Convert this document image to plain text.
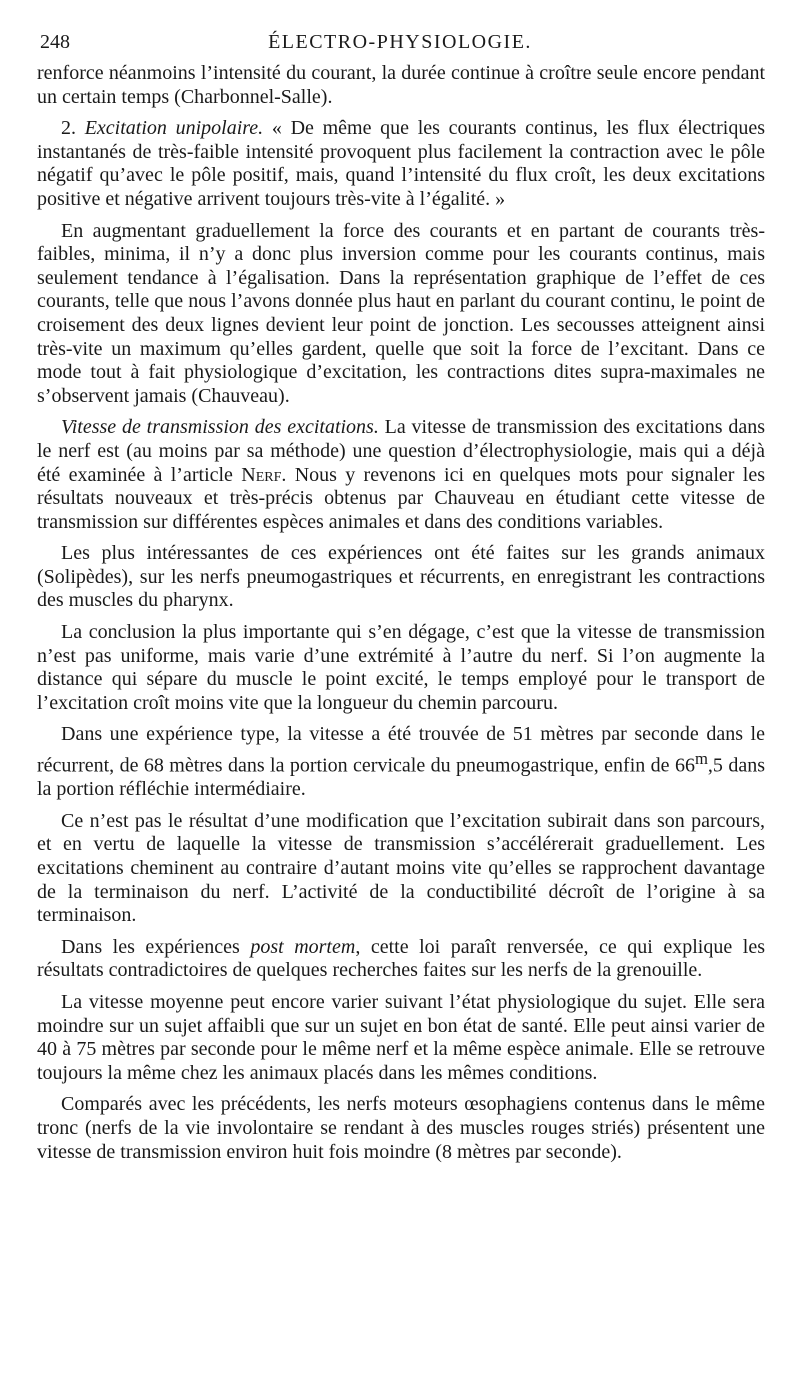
248	ÉLECTRO-PHYSIOLOGIE.

renforce néanmoins l’intensité du courant, la durée continue à croître seule encore pendant un certain temps (Charbonnel-Salle).

2. Excitation unipolaire. « De même que les courants continus, les flux électriques instantanés de très-faible intensité provoquent plus facilement la contraction avec le pôle négatif qu’avec le pôle positif, mais, quand l’intensité du flux croît, les deux excitations positive et négative arrivent toujours très-vite à l’égalité. »

En augmentant graduellement la force des courants et en partant de courants très-faibles, minima, il n’y a donc plus inversion comme pour les courants continus, mais seulement tendance à l’égalisation. Dans la représentation graphique de l’effet de ces courants, telle que nous l’avons donnée plus haut en parlant du courant continu, le point de croisement des deux lignes devient leur point de jonction. Les secousses atteignent ainsi très-vite un maximum qu’elles gardent, quelle que soit la force de l’excitant. Dans ce mode tout à fait physiologique d’excitation, les contractions dites supra-maximales ne s’observent jamais (Chauveau).

Vitesse de transmission des excitations. La vitesse de transmission des excitations dans le nerf est (au moins par sa méthode) une question d’électrophysiologie, mais qui a déjà été examinée à l’article Nerf. Nous y revenons ici en quelques mots pour signaler les résultats nouveaux et très-précis obtenus par Chauveau en étudiant cette vitesse de transmission sur différentes espèces animales et dans des conditions variables.

Les plus intéressantes de ces expériences ont été faites sur les grands animaux (Solipèdes), sur les nerfs pneumogastriques et récurrents, en enregistrant les contractions des muscles du pharynx.

La conclusion la plus importante qui s’en dégage, c’est que la vitesse de transmission n’est pas uniforme, mais varie d’une extrémité à l’autre du nerf. Si l’on augmente la distance qui sépare du muscle le point excité, le temps employé pour le transport de l’excitation croît moins vite que la longueur du chemin parcouru.

Dans une expérience type, la vitesse a été trouvée de 51 mètres par seconde dans le récurrent, de 68 mètres dans la portion cervicale du pneumogastrique, enfin de 66$^m$,5 dans la portion réfléchie intermédiaire.

Ce n’est pas le résultat d’une modification que l’excitation subirait dans son parcours, et en vertu de laquelle la vitesse de transmission s’accélérerait graduellement. Les excitations cheminent au contraire d’autant moins vite qu’elles se rapprochent davantage de la terminaison du nerf. L’activité de la conductibilité décroît de l’origine à sa terminaison.

Dans les expériences post mortem, cette loi paraît renversée, ce qui explique les résultats contradictoires de quelques recherches faites sur les nerfs de la grenouille.

La vitesse moyenne peut encore varier suivant l’état physiologique du sujet. Elle sera moindre sur un sujet affaibli que sur un sujet en bon état de santé. Elle peut ainsi varier de 40 à 75 mètres par seconde pour le même nerf et la même espèce animale. Elle se retrouve toujours la même chez les animaux placés dans les mêmes conditions.

Comparés avec les précédents, les nerfs moteurs œsophagiens contenus dans le même tronc (nerfs de la vie involontaire se rendant à des muscles rouges striés) présentent une vitesse de transmission environ huit fois moindre (8 mètres par seconde).
